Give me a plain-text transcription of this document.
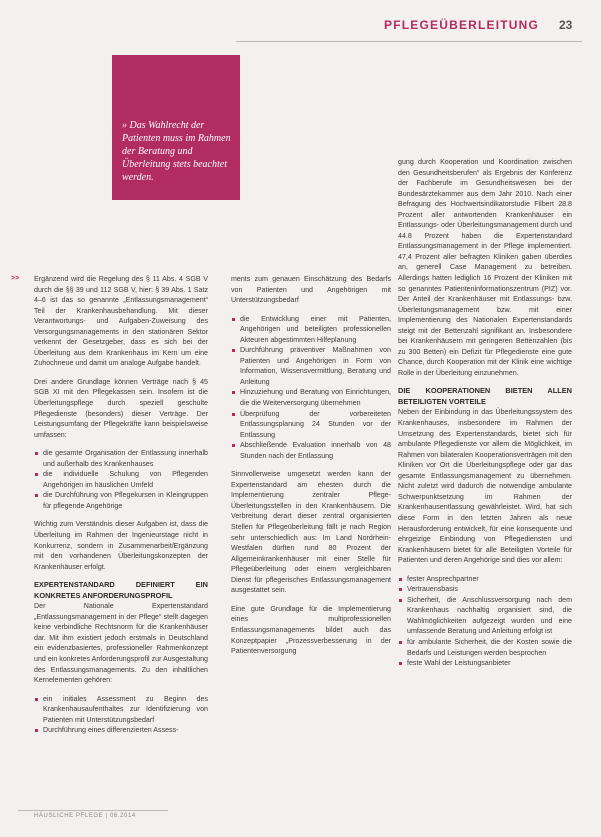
PFLEGEÜBERLEITUNG 23
» Das Wahlrecht der Patienten muss im Rahmen der Beratung und Überleitung stets beachtet werden.
>> Ergänzend wird die Regelung des § 11 Abs. 4 SGB V durch die §§ 39 und 112 SGB V, hier: § 39 Abs. 1 Satz 4–6 ist das so genannte „Entlassungsmanagement“ Teil der Krankenhausbehandlung. Mit dieser Verantwortungs- und Aufgaben-Zuweisung des Versorgungsmanagements in den stationären Sektor verkennt der Gesetzgeber, dass es sich bei der Überleitung aus dem Krankenhaus im Kern um eine Zuhochneue und damit um analoge Aufgabe handelt.

Drei andere Grundlage können Verträge nach § 45 SGB XI mit den Pflegekassen sein. Insofern ist die Überleitungspflege durch speziell geschulte Pflegedienste (besonders) dieser Verträge. Der Leistungsumfang der Pflegekräfte kann beispielsweise umfassen:

die gesamte Organisation der Entlassung innerhalb und außerhalb des Krankenhauses
die individuelle Schulung von Pflegenden Angehörigen im häuslichen Umfeld
die Durchführung von Pflegekursen in Kleingruppen für pflegende Angehörige

Wichtig zum Verständnis dieser Aufgaben ist, dass die Überleitung im Rahmen der Ingenieurstage nicht in Konkurrenz, sondern in Zusammenarbeit/Ergänzung mit den vorhandenen Überleitungskonzepten der Krankenhäuser erfolgt.

EXPERTENSTANDARD DEFINIERT EIN KONKRETES ANFORDERUNGSPROFIL

Der Nationale Expertenstandard „Entlassungsmanagement in der Pflege“ stellt dagegen keine verbindliche Rechtsnorm für die Krankenhäuser dar. Mit ihm existiert jedoch erstmals in Deutschland ein evidenzbasiertes, professioneller Rahmenkonzept und ein konkretes Anforderungsprofil zur Ausgestaltung des Entlassungsmanagements. Zu den inhaltlichen Kernelementen gehören:

ein initiales Assessment zu Beginn des Krankenhausaufenthaltes zur Identifizierung von Patienten mit Unterstützungsbedarf
Durchführung eines differenzierten Assess-

ments zum genauen Einschätzung des Bedarfs von Patienten und Angehörigen mit Unterstützungsbedarf

die Entwicklung einer mit Patienten, Angehörigen und beteiligten professionellen Akteuren abgestimmten Hilfeplanung
Durchführung präventiver Maßnahmen von Patienten und Angehörigen in Form von Information, Wissensvermittlung, Beratung und Anleitung
Hinzuziehung und Beratung von Einrichtungen, die die Weiterversorgung übernehmen
Überprüfung der vorbereiteten Entlassungsplanung 24 Stunden vor der Entlassung
Abschließende Evaluation innerhalb von 48 Stunden nach der Entlassung

Sinnvollerweise umgesetzt werden kann der Expertenstandard am ehesten durch die Implementierung zentraler Pflege-Überleitungsstellen in den Krankenhäusern. Die Verbreitung derart dieser zentral organisierten Stellen für Pflegeüberleitung fällt je nach Region sehr unterschiedlich aus: Im Land Nordrhein-Westfalen dürften rund 80 Prozent der Allgemeinkrankenhäuser mit einer Stelle für Pflegeüberleitung oder einem vergleichbaren Dienst für pflegerisches Entlassungsmanagement ausgestattet sein.

Eine gute Grundlage für die Implementierung eines multiprofessionellen Entlassungsmanagements bildet auch das Konzeptpapier „Prozessverbesserung in der Patientenversorgung

gung durch Kooperation und Koordination zwischen den Gesundheitsberufen“ als Ergebnis der Konferenz der Fachberufe im Gesundheitswesen bei der Bundesärztekammer aus dem Jahr 2010. Nach einer Befragung des Hochwertsindikatorstudie Filbert 28.8 Prozent aller antwortenden Krankenhäuser ein Entlassungs- oder Überleitungsmanagement durch und 44.8 Prozent haben die Expertenstandard Entlassungsmanagement in der Pflege implementiert. 47,4 Prozent aller befragten Kliniken gaben überdies an, generell Case Management zu betreiben. Allerdings hatten lediglich 16 Prozent der Kliniken mit so genanntes Patienteninformationszentrum (PIZ) vor. Der Anteil der Krankenhäuser mit Entlassungs- bzw. Überleitungsmanagement bzw. mit einer Implementierung des Nationalen Expertenstandards steigt mit der Bettenzahl signifikant an. Insbesondere bei Krankenhäusern mit geringeren Bettenzahlen (bis zu 300 Betten) ein Defizit für Pflegedienste eine gute Chance, durch Kooperation mit der Klinik eine wichtige Rolle in der Überleitung einzunehmen.

DIE KOOPERATIONEN BIETEN ALLEN BETEILIGTEN VORTEILE

Neben der Einbindung in das Überleitungssystem des Krankenhauses, insbesondere im Rahmen der Umsetzung des Expertenstandards, bietet sich für ambulante Pflegedienste vor allem die Möglichkeit, im Rahmen von bilateralen Kooperationsverträgen mit den Kliniken vor Ort die Überleitungspflege oder gar das gesamte Entlassungsmanagement zu übernehmen. Nicht zuletzt wird dadurch die notwendige ambulante Schwerpunktsetzung im Rahmen der Krankenhausentlassung gewährleistet. Wird, hat sich diese Form in den letzten Jahren als neue Herausforderung entwickelt, für eine konsequente und ehrgeizige Einbindung von Pflegediensten und Krankenhäusern bietet für alle Beteiligten Vorteile für Patienten und deren Angehörige sind dies vor allem:

fester Ansprechpartner
Vertrauensbasis
Sicherheit, die Anschlussversorgung nach dem Krankenhaus nachhaltig organisiert sind, die Wahlmöglichkeiten aufgezeigt wurden und eine umfassende Beratung und Anleitung erfolgt ist
für ambulante Sicherheit, die der Kosten sowie die Bedarfs und Leistungen werden besprochen
feste Wahl der Leistungsanbieter
HÄUSLICHE PFLEGE | 06.2014
